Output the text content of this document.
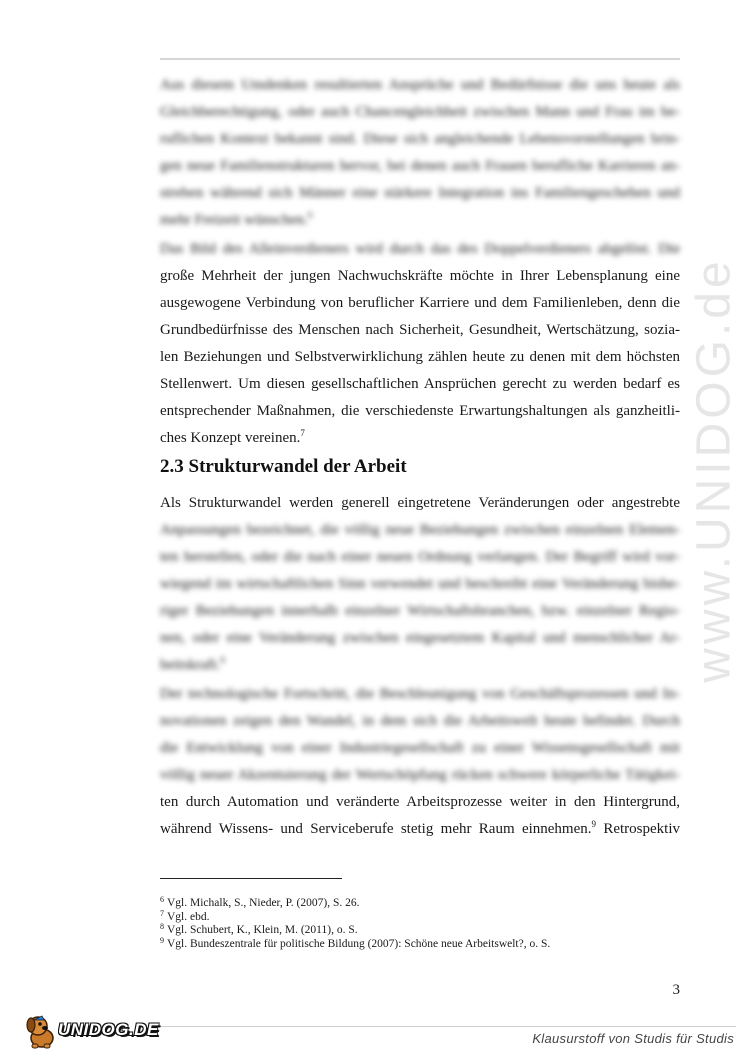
Aus diesem Umdenken resultierten Ansprüche und Bedürfnisse die uns heute als
Gleichberechtigung, oder auch Chancengleichheit zwischen Mann und Frau im be-
ruflichen Kontext bekannt sind. Diese sich angleichende Lebensvorstellungen brin-
gen neue Familienstrukturen hervor, bei denen auch Frauen berufliche Karrieren an-
streben während sich Männer eine stärkere Integration ins Familiengeschehen und
mehr Freizeit wünschen.$^6$
Das Bild des Alleinverdieners wird durch das des Doppelverdieners abgelöst. Die
große Mehrheit der jungen Nachwuchskräfte möchte in Ihrer Lebensplanung eine
ausgewogene Verbindung von beruflicher Karriere und dem Familienleben, denn die
Grundbedürfnisse des Menschen nach Sicherheit, Gesundheit, Wertschätzung, sozia-
len Beziehungen und Selbstverwirklichung zählen heute zu denen mit dem höchsten
Stellenwert. Um diesen gesellschaftlichen Ansprüchen gerecht zu werden bedarf es
entsprechender Maßnahmen, die verschiedenste Erwartungshaltungen als ganzheitli-
ches Konzept vereinen.$^7$
2.3 Strukturwandel der Arbeit
Als Strukturwandel werden generell eingetretene Veränderungen oder angestrebte
Anpassungen bezeichnet, die völlig neue Beziehungen zwischen einzelnen Elemen-
ten herstellen, oder die nach einer neuen Ordnung verlangen. Der Begriff wird vor-
wiegend im wirtschaftlichen Sinn verwendet und beschreibt eine Veränderung bishe-
riger Beziehungen innerhalb einzelner Wirtschaftsbranchen, bzw. einzelner Regio-
nen, oder eine Veränderung zwischen eingesetztem Kapital und menschlicher Ar-
beitskraft.$^8$
Der technologische Fortschritt, die Beschleunigung von Geschäftsprozessen und In-
novationen zeigen den Wandel, in dem sich die Arbeitswelt heute befindet. Durch
die Entwicklung von einer Industriegesellschaft zu einer Wissensgesellschaft mit
völlig neuer Akzentuierung der Wertschöpfung rücken schwere körperliche Tätigkei-
ten durch Automation und veränderte Arbeitsprozesse weiter in den Hintergrund,
während Wissens- und Serviceberufe stetig mehr Raum einnehmen.$^9$ Retrospektiv
$^6$ Vgl. Michalk, S., Nieder, P. (2007), S. 26.
$^7$ Vgl. ebd.
$^8$ Vgl. Schubert, K., Klein, M. (2011), o. S.
$^9$ Vgl. Bundeszentrale für politische Bildung (2007): Schöne neue Arbeitswelt?, o. S.
3
www.UNIDOG.de
UNIDOG.DE	Klausurstoff von Studis für Studis
